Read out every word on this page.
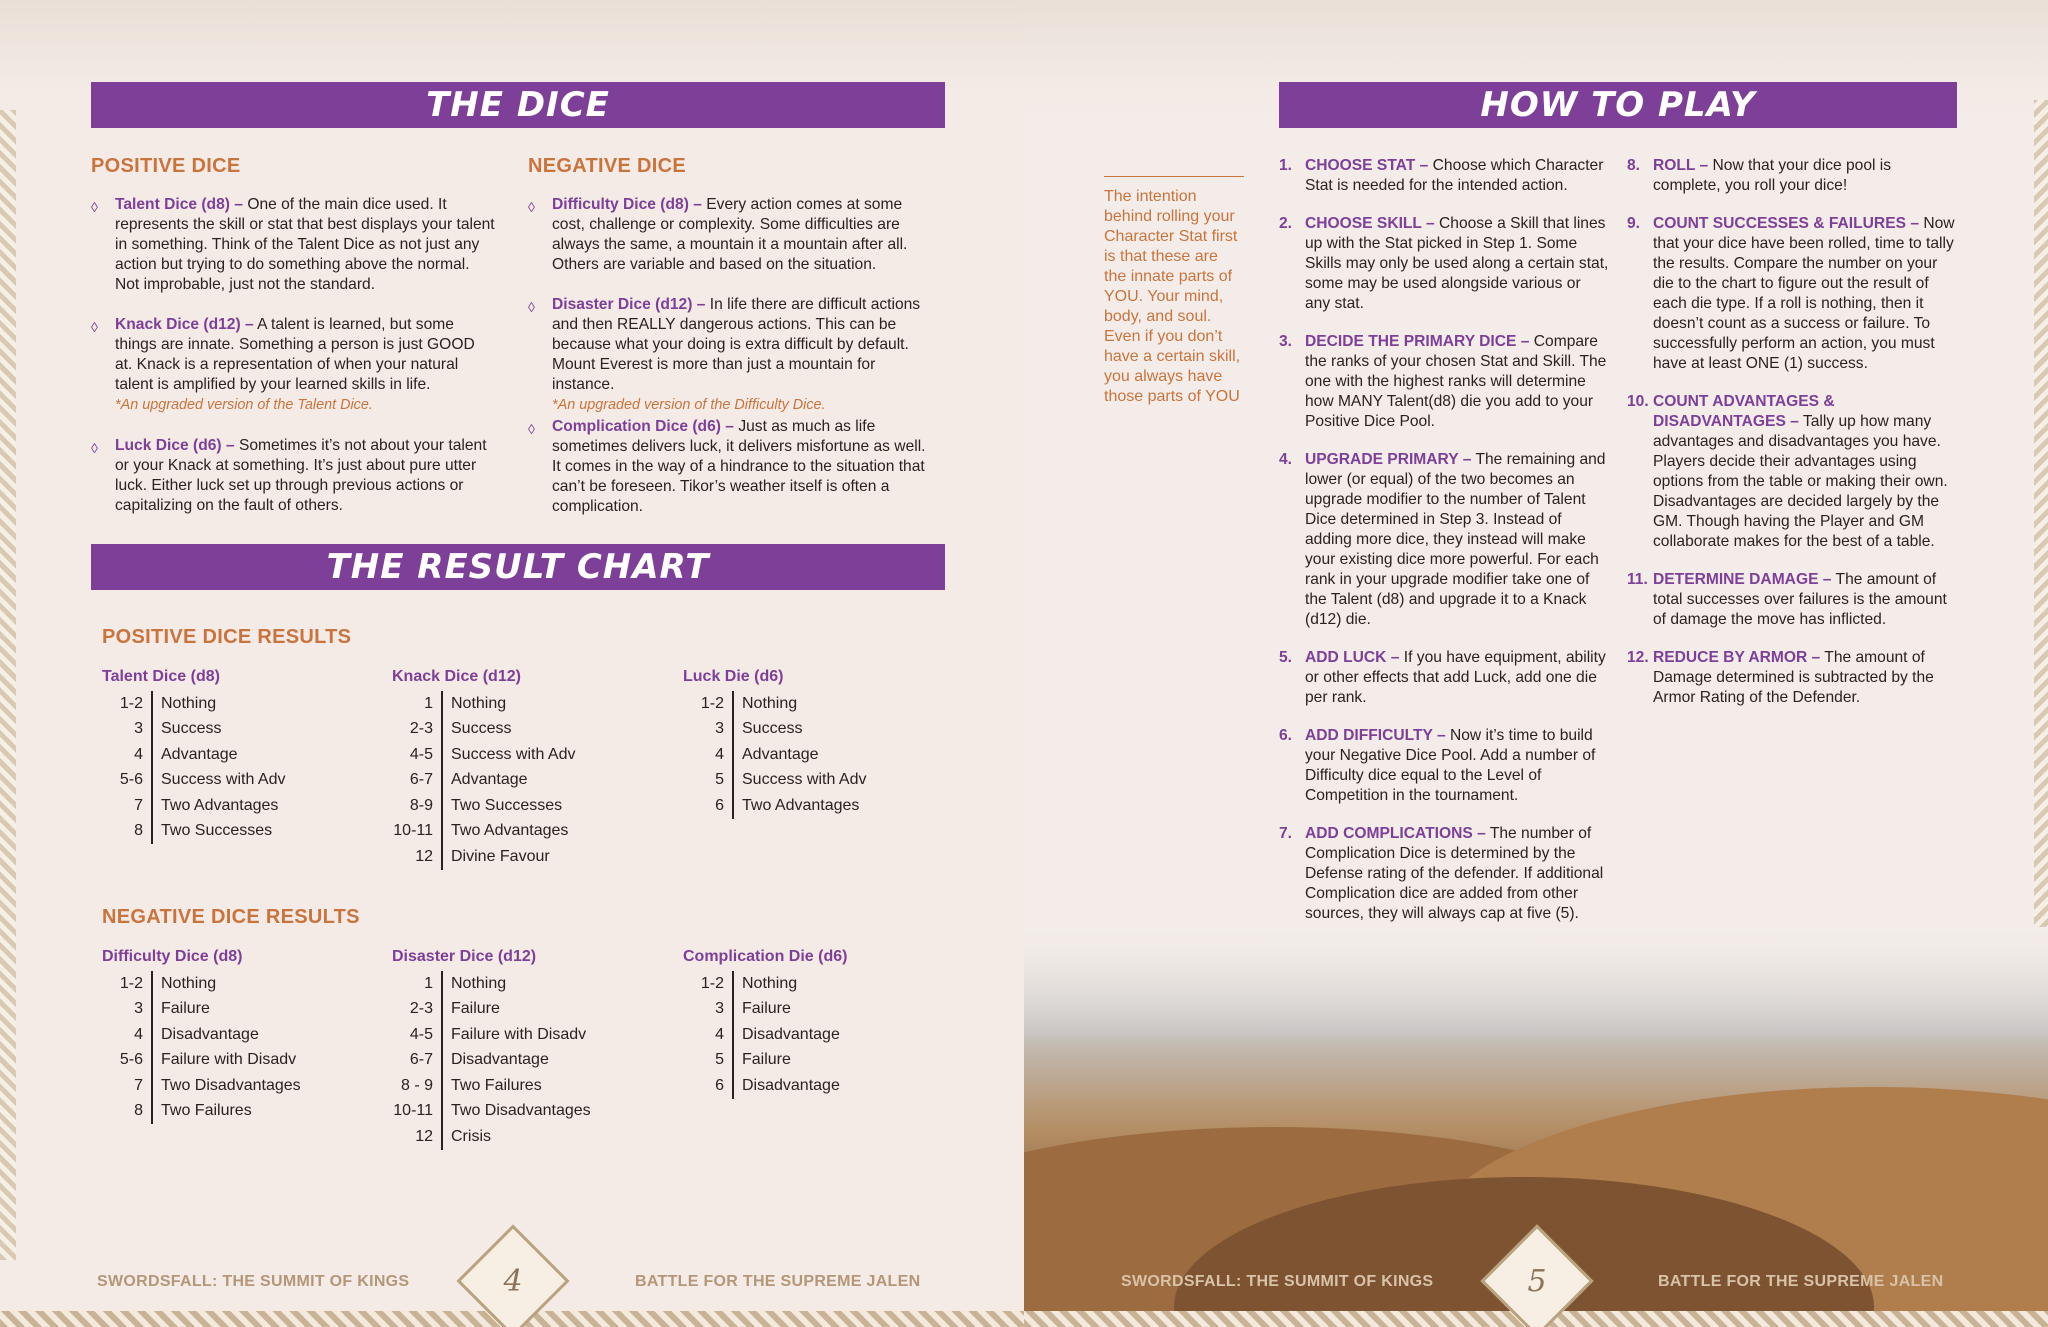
THE DICE
POSITIVE DICE	NEGATIVE DICE
◊	Talent Dice (d8) – One of the main dice used. It represents the skill or stat that best displays your talent in something. Think of the Talent Dice as not just any action but trying to do something above the normal. Not improbable, just not the standard.
◊	Knack Dice (d12) – A talent is learned, but some things are innate. Something a person is just GOOD at. Knack is a representation of when your natural talent is amplified by your learned skills in life.
*An upgraded version of the Talent Dice.
◊	Luck Dice (d6) – Sometimes it’s not about your talent or your Knack at something. It’s just about pure utter luck. Either luck set up through previous actions or capitalizing on the fault of others.
◊	Difficulty Dice (d8) – Every action comes at some cost, challenge or complexity. Some difficulties are always the same, a mountain it a mountain after all. Others are variable and based on the situation.
◊	Disaster Dice (d12) – In life there are difficult actions and then REALLY dangerous actions. This can be because what your doing is extra difficult by default. Mount Everest is more than just a mountain for instance.
*An upgraded version of the Difficulty Dice.
◊	Complication Dice (d6) – Just as much as life sometimes delivers luck, it delivers misfortune as well. It comes in the way of a hindrance to the situation that can’t be foreseen. Tikor’s weather itself is often a complication.
THE RESULT CHART
POSITIVE DICE RESULTS
Talent Dice (d8)
1-2	Nothing
3	Success
4	Advantage
5-6	Success with Adv
7	Two Advantages
8	Two Successes
Knack Dice (d12)
1	Nothing
2-3	Success
4-5	Success with Adv
6-7	Advantage
8-9	Two Successes
10-11	Two Advantages
12	Divine Favour
Luck Die (d6)
1-2	Nothing
3	Success
4	Advantage
5	Success with Adv
6	Two Advantages
NEGATIVE DICE RESULTS
Difficulty Dice (d8)
1-2	Nothing
3	Failure
4	Disadvantage
5-6	Failure with Disadv
7	Two Disadvantages
8	Two Failures
Disaster Dice (d12)
1	Nothing
2-3	Failure
4-5	Failure with Disadv
6-7	Disadvantage
8 - 9	Two Failures
10-11	Two Disadvantages
12	Crisis
Complication Die (d6)
1-2	Nothing
3	Failure
4	Disadvantage
5	Failure
6	Disadvantage
SWORDSFALL: THE SUMMIT OF KINGS	BATTLE FOR THE SUPREME JALEN
4
HOW TO PLAY
The intention behind rolling your Character Stat first is that these are the innate parts of YOU. Your mind, body, and soul. Even if you don’t have a certain skill, you always have those parts of YOU
1. CHOOSE STAT – Choose which Character Stat is needed for the intended action.
2. CHOOSE SKILL – Choose a Skill that lines up with the Stat picked in Step 1. Some Skills may only be used along a certain stat, some may be used alongside various or any stat.
3. DECIDE THE PRIMARY DICE – Compare the ranks of your chosen Stat and Skill. The one with the highest ranks will determine how MANY Talent(d8) die you add to your Positive Dice Pool.
4. UPGRADE PRIMARY – The remaining and lower (or equal) of the two becomes an upgrade modifier to the number of Talent Dice determined in Step 3. Instead of adding more dice, they instead will make your existing dice more powerful. For each rank in your upgrade modifier take one of the Talent (d8) and upgrade it to a Knack (d12) die.
5. ADD LUCK – If you have equipment, ability or other effects that add Luck, add one die per rank.
6. ADD DIFFICULTY – Now it’s time to build your Negative Dice Pool. Add a number of Difficulty dice equal to the Level of Competition in the tournament.
7. ADD COMPLICATIONS – The number of Complication Dice is determined by the Defense rating of the defender. If additional Complication dice are added from other sources, they will always cap at five (5).
8. ROLL – Now that your dice pool is complete, you roll your dice!
9. COUNT SUCCESSES & FAILURES – Now that your dice have been rolled, time to tally the results. Compare the number on your die to the chart to figure out the result of each die type. If a roll is nothing, then it doesn’t count as a success or failure. To successfully perform an action, you must have at least ONE (1) success.
10. COUNT ADVANTAGES & DISADVANTAGES – Tally up how many advantages and disadvantages you have. Players decide their advantages using options from the table or making their own. Disadvantages are decided largely by the GM. Though having the Player and GM collaborate makes for the best of a table.
11. DETERMINE DAMAGE – The amount of total successes over failures is the amount of damage the move has inflicted.
12. REDUCE BY ARMOR – The amount of Damage determined is subtracted by the Armor Rating of the Defender.
SWORDSFALL: THE SUMMIT OF KINGS	BATTLE FOR THE SUPREME JALEN
5
